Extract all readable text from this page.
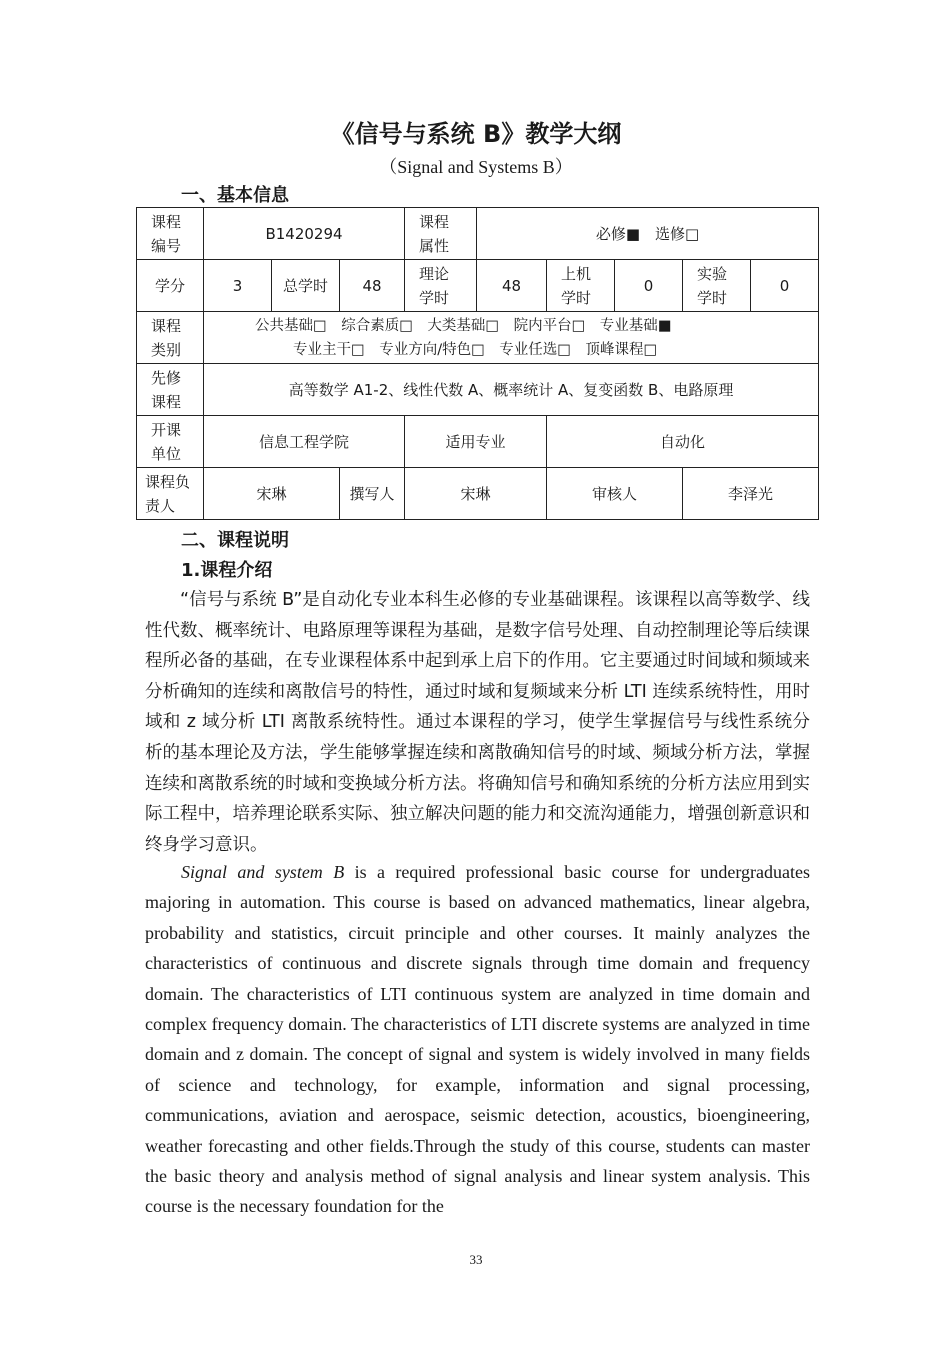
《信号与系统 B》教学大纲
（Signal and Systems B）
一、基本信息
课程编号	B1420294			课程属性	必修■　选修□				
学分	3	总学时	48	理论学时	48	上机学时	0	实验学时	0
课程类别	公共基础□　综合素质□　大类基础□　院内平台□　专业基础■
专业主干□　专业方向/特色□　专业任选□　顶峰课程□								

先修课程	高等数学 A1-2、线性代数 A、概率统计 A、复变函数 B、电路原理								
开课单位	信息工程学院			适用专业		自动化			
课程负责人	宋琳		撰写人	宋琳		审核人		李泽光	
二、课程说明
1.课程介绍

“信号与系统 B”是自动化专业本科生必修的专业基础课程。该课程以高等数学、线性代数、概率统计、电路原理等课程为基础，是数字信号处理、自动控制理论等后续课程所必备的基础，在专业课程体系中起到承上启下的作用。它主要通过时间域和频域来分析确知的连续和离散信号的特性，通过时域和复频域来分析 LTI 连续系统特性，用时域和 z 域分析 LTI 离散系统特性。通过本课程的学习，使学生掌握信号与线性系统分析的基本理论及方法，学生能够掌握连续和离散确知信号的时域、频域分析方法，掌握连续和离散系统的时域和变换域分析方法。将确知信号和确知系统的分析方法应用到实际工程中，培养理论联系实际、独立解决问题的能力和交流沟通能力，增强创新意识和终身学习意识。

Signal and system B is a required professional basic course for undergraduates majoring in automation. This course is based on advanced mathematics, linear algebra, probability and statistics, circuit principle and other courses. It mainly analyzes the characteristics of continuous and discrete signals through time domain and frequency domain. The characteristics of LTI continuous system are analyzed in time domain and complex frequency domain. The characteristics of LTI discrete systems are analyzed in time domain and z domain. The concept of signal and system is widely involved in many fields of science and technology, for example, information and signal processing, communications, aviation and aerospace, seismic detection, acoustics, bioengineering, weather forecasting and other fields.Through the study of this course, students can master the basic theory and analysis method of signal analysis and linear system analysis. This course is the necessary foundation for the

33
